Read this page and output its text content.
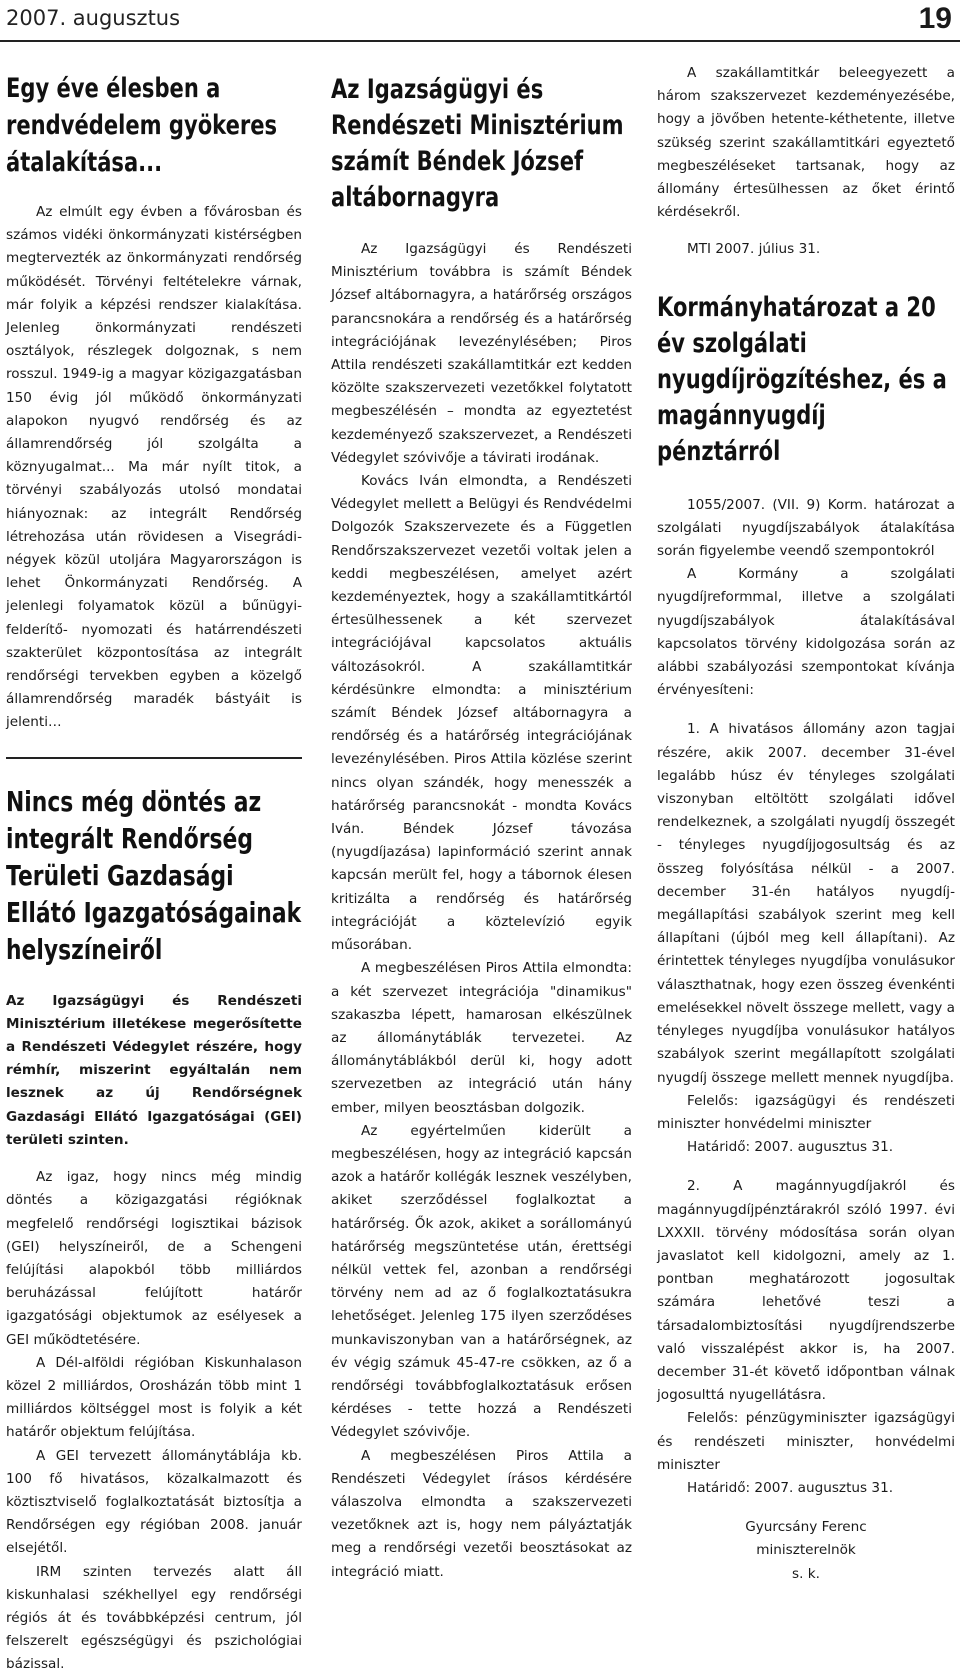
2007. augusztus	19
Egy éve élesben a rendvédelem gyökeres átalakítása...

Az elmúlt egy évben a fővárosban és számos vidéki önkormányzati kistérségben megtervezték az önkormányzati rendőrség működését. Törvényi feltételekre várnak, már folyik a képzési rendszer kialakítása. Jelenleg önkormányzati rendészeti osztályok, részlegek dolgoznak, s nem rosszul. 1949-ig a magyar közigazgatásban 150 évig jól működő önkormányzati alapokon nyugvó rendőrség és az államrendőrség jól szolgálta a köznyugalmat... Ma már nyílt titok, a törvényi szabályozás utolsó mondatai hiányoznak: az integrált Rendőrség létrehozása után rövidesen a Visegrádi-négyek közül utoljára Magyarországon is lehet Önkormányzati Rendőrség. A jelenlegi folyamatok közül a bűnügyi-felderítő- nyomozati és határrendészeti szakterület központosítása az integrált rendőrségi tervekben egyben a közelgő államrendőrség maradék bástyáit is jelenti…

Nincs még döntés az integrált Rendőrség Területi Gazdasági Ellátó Igazgatóságainak helyszíneiről

Az Igazságügyi és Rendészeti Minisztérium illetékese megerősítette a Rendészeti Védegylet részére, hogy rémhír, miszerint egyáltalán nem lesznek az új Rendőrségnek Gazdasági Ellátó Igazgatóságai (GEI) területi szinten.

Az igaz, hogy nincs még mindig döntés a közigazgatási régióknak megfelelő rendőrségi logisztikai bázisok (GEI) helyszíneiről, de a Schengeni felújítási alapokból több milliárdos beruházással felújított határőr igazgatósági objektumok az esélyesek a GEI működtetésére.

A Dél-alföldi régióban Kiskunhalason közel 2 milliárdos, Orosházán több mint 1 milliárdos költséggel most is folyik a két határőr objektum felújítása.

A GEI tervezett állománytáblája kb. 100 fő hivatásos, közalkalmazott és köztisztviselő foglalkoztatását biztosítja a Rendőrségen egy régióban 2008. január elsejétől.

IRM szinten tervezés alatt áll kiskunhalasi székhellyel egy rendőrségi régiós át és továbbképzési centrum, jól felszerelt egészségügyi és pszichológiai bázissal.

Az Igazságügyi és Rendészeti Minisztérium számít Béndek József altábornagyra

Az Igazságügyi és Rendészeti Minisztérium továbbra is számít Béndek József altábornagyra, a határőrség országos parancsnokára a rendőrség és a határőrség integrációjának levezénylésében; Piros Attila rendészeti szakállamtitkár ezt kedden közölte szakszervezeti vezetőkkel folytatott megbeszélésén – mondta az egyeztetést kezdeményező szakszervezet, a Rendészeti Védegylet szóvivője a távirati irodának.

Kovács Iván elmondta, a Rendészeti Védegylet mellett a Belügyi és Rendvédelmi Dolgozók Szakszervezete és a Független Rendőrszakszervezet vezetői voltak jelen a keddi megbeszélésen, amelyet azért kezdeményeztek, hogy a szakállamtitkártól értesülhessenek a két szervezet integrációjával kapcsolatos aktuális változásokról. A szakállamtitkár kérdésünkre elmondta: a minisztérium számít Béndek József altábornagyra a rendőrség és a határőrség integrációjának levezénylésében. Piros Attila közlése szerint nincs olyan szándék, hogy menesszék a határőrség parancsnokát - mondta Kovács Iván. Béndek József távozása (nyugdíjazása) lapinformáció szerint annak kapcsán merült fel, hogy a tábornok élesen kritizálta a rendőrség és határőrség integrációját a köztelevízió egyik műsorában.

A megbeszélésen Piros Attila elmondta: a két szervezet integrációja "dinamikus" szakaszba lépett, hamarosan elkészülnek az állománytáblák tervezetei. Az állománytáblákból derül ki, hogy adott szervezetben az integráció után hány ember, milyen beosztásban dolgozik.

Az egyértelműen kiderült a megbeszélésen, hogy az integráció kapcsán azok a határőr kollégák lesznek veszélyben, akiket szerződéssel foglalkoztat a határőrség. Ők azok, akiket a sorállományú határőrség megszüntetése után, érettségi nélkül vettek fel, azonban a rendőrségi törvény nem ad az ő foglalkoztatásukra lehetőséget. Jelenleg 175 ilyen szerződéses munkaviszonyban van a határőrségnek, az év végig számuk 45-47-re csökken, az ő a rendőrségi továbbfoglalkoztatásuk erősen kérdéses - tette hozzá a Rendészeti Védegylet szóvivője.

A megbeszélésen Piros Attila a Rendészeti Védegylet írásos kérdésére válaszolva elmondta a szakszervezeti vezetőknek azt is, hogy nem pályáztatják meg a rendőrségi vezetői beosztásokat az integráció miatt.

A szakállamtitkár beleegyezett a három szakszervezet kezdeményezésébe, hogy a jövőben hetente-kéthetente, illetve szükség szerint szakállamtitkári egyeztető megbeszéléseket tartsanak, hogy az állomány értesülhessen az őket érintő kérdésekről.

MTI 2007. július 31.

Kormányhatározat a 20 év szolgálati nyugdíjrögzítéshez, és a magánnyugdíj pénztárról

1055/2007. (VII. 9) Korm. határozat a szolgálati nyugdíjszabályok átalakítása során figyelembe veendő szempontokról

A Kormány a szolgálati nyugdíjreformmal, illetve a szolgálati nyugdíjszabályok átalakításával kapcsolatos törvény kidolgozása során az alábbi szabályozási szempontokat kívánja érvényesíteni:

1. A hivatásos állomány azon tagjai részére, akik 2007. december 31-ével legalább húsz év tényleges szolgálati viszonyban eltöltött szolgálati idővel rendelkeznek, a szolgálati nyugdíj összegét - tényleges nyugdíjjogosultság és az összeg folyósítása nélkül - a 2007. december 31-én hatályos nyugdíj-megállapítási szabályok szerint meg kell állapítani (újból meg kell állapítani). Az érintettek tényleges nyugdíjba vonulásukor választhatnak, hogy ezen összeg évenkénti emelésekkel növelt összege mellett, vagy a tényleges nyugdíjba vonulásukor hatályos szabályok szerint megállapított szolgálati nyugdíj összege mellett mennek nyugdíjba.

Felelős: igazságügyi és rendészeti miniszter honvédelmi miniszter

Határidő: 2007. augusztus 31.

2. A magánnyugdíjakról és magánnyugdíjpénztárakról szóló 1997. évi LXXXII. törvény módosítása során olyan javaslatot kell kidolgozni, amely az 1. pontban meghatározott jogosultak számára lehetővé teszi a társadalombiztosítási nyugdíjrendszerbe való visszalépést akkor is, ha 2007. december 31-ét követő időpontban válnak jogosulttá nyugellátásra.

Felelős: pénzügyminiszter igazságügyi és rendészeti miniszter, honvédelmi miniszter

Határidő: 2007. augusztus 31.

Gyurcsány Ferenc
miniszterelnök
s. k.
